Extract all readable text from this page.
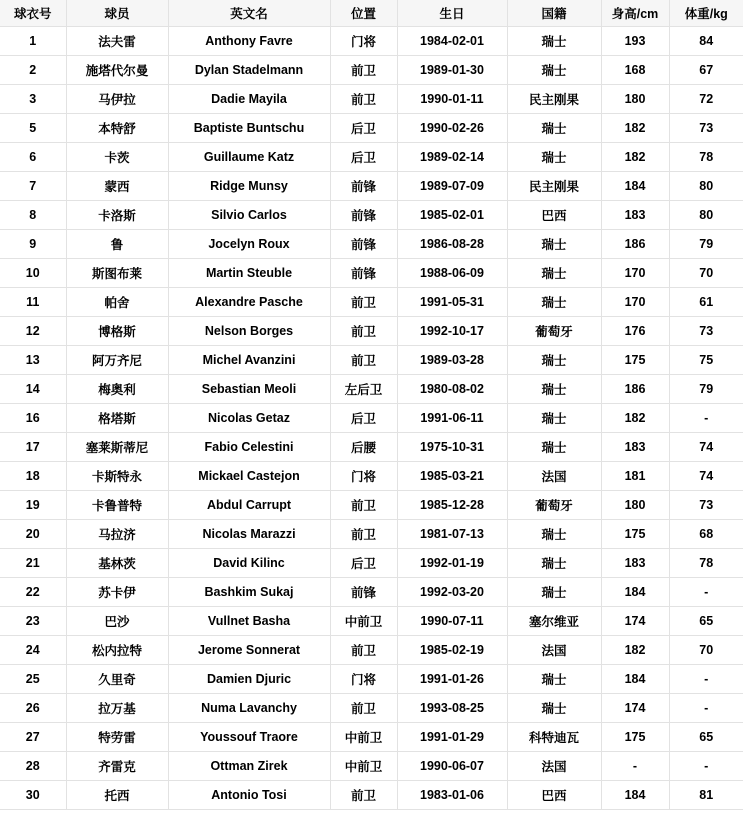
球衣号	球员	英文名	位置	生日	国籍	身高/cm	体重/kg
1	法夫雷	Anthony Favre	门将	1984-02-01	瑞士	193	84
2	施塔代尔曼	Dylan Stadelmann	前卫	1989-01-30	瑞士	168	67
3	马伊拉	Dadie Mayila	前卫	1990-01-11	民主刚果	180	72
5	本特舒	Baptiste Buntschu	后卫	1990-02-26	瑞士	182	73
6	卡茨	Guillaume Katz	后卫	1989-02-14	瑞士	182	78
7	蒙西	Ridge Munsy	前锋	1989-07-09	民主刚果	184	80
8	卡洛斯	Silvio Carlos	前锋	1985-02-01	巴西	183	80
9	鲁	Jocelyn Roux	前锋	1986-08-28	瑞士	186	79
10	斯图布莱	Martin Steuble	前锋	1988-06-09	瑞士	170	70
11	帕舍	Alexandre Pasche	前卫	1991-05-31	瑞士	170	61
12	博格斯	Nelson Borges	前卫	1992-10-17	葡萄牙	176	73
13	阿万齐尼	Michel Avanzini	前卫	1989-03-28	瑞士	175	75
14	梅奥利	Sebastian Meoli	左后卫	1980-08-02	瑞士	186	79
16	格塔斯	Nicolas Getaz	后卫	1991-06-11	瑞士	182	-
17	塞莱斯蒂尼	Fabio Celestini	后腰	1975-10-31	瑞士	183	74
18	卡斯特永	Mickael Castejon	门将	1985-03-21	法国	181	74
19	卡鲁普特	Abdul Carrupt	前卫	1985-12-28	葡萄牙	180	73
20	马拉济	Nicolas Marazzi	前卫	1981-07-13	瑞士	175	68
21	基林茨	David Kilinc	后卫	1992-01-19	瑞士	183	78
22	苏卡伊	Bashkim Sukaj	前锋	1992-03-20	瑞士	184	-
23	巴沙	Vullnet Basha	中前卫	1990-07-11	塞尔维亚	174	65
24	松内拉特	Jerome Sonnerat	前卫	1985-02-19	法国	182	70
25	久里奇	Damien Djuric	门将	1991-01-26	瑞士	184	-
26	拉万基	Numa Lavanchy	前卫	1993-08-25	瑞士	174	-
27	特劳雷	Youssouf Traore	中前卫	1991-01-29	科特迪瓦	175	65
28	齐雷克	Ottman Zirek	中前卫	1990-06-07	法国	-	-
30	托西	Antonio Tosi	前卫	1983-01-06	巴西	184	81
